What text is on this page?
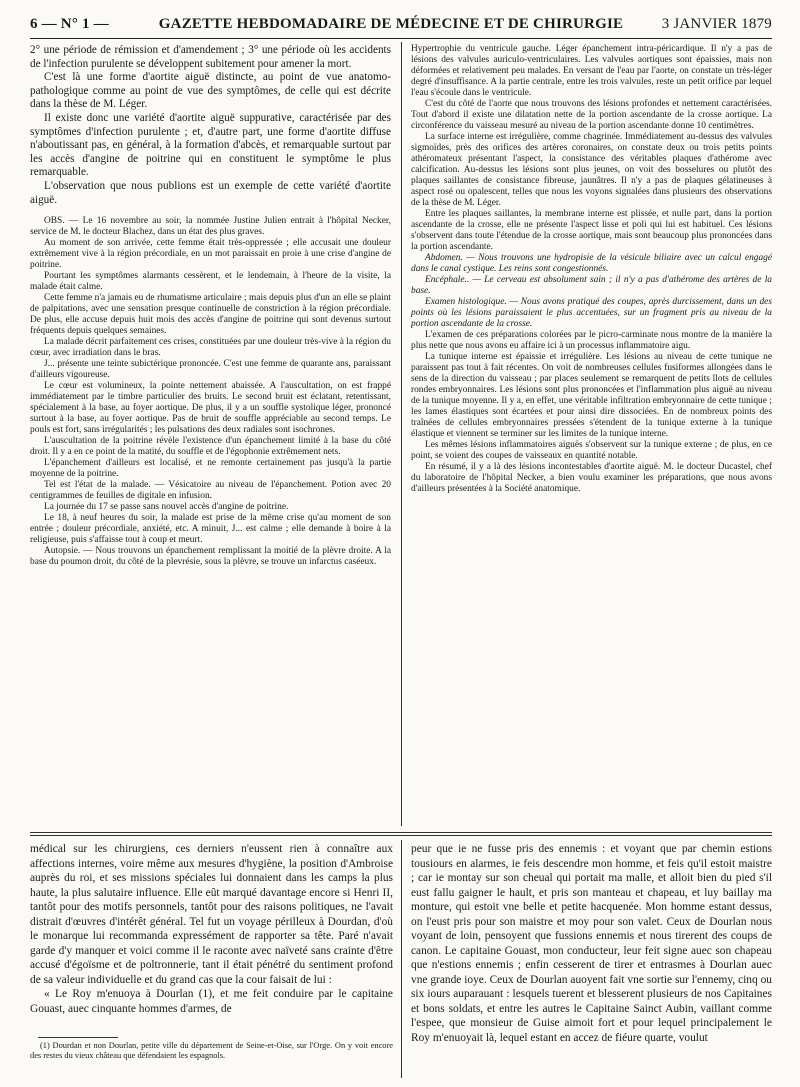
6 — N° 1 —	GAZETTE HEBDOMADAIRE DE MÉDECINE ET DE CHIRURGIE	3 JANVIER 1879

2° une période de rémission et d'amendement ; 3° une période où les accidents de l'infection purulente se développent subitement pour amener la mort.

C'est là une forme d'aortite aiguë distincte, au point de vue anatomo-pathologique comme au point de vue des symptômes, de celle qui est décrite dans la thèse de M. Léger.

Il existe donc une variété d'aortite aiguë suppurative, caractérisée par des symptômes d'infection purulente ; et, d'autre part, une forme d'aortite diffuse n'aboutissant pas, en général, à la formation d'abcès, et remarquable surtout par les accès d'angine de poitrine qui en constituent le symptôme le plus remarquable.

L'observation que nous publions est un exemple de cette variété d'aortite aiguë.

OBS. — Le 16 novembre au soir, la nommée Justine Julien entrait à l'hôpital Necker, service de M. le docteur Blachez, dans un état des plus graves.

Au moment de son arrivée, cette femme était très-oppressée ; elle accusait une douleur extrêmement vive à la région précordiale, en un mot paraissait en proie à une crise d'angine de poitrine.

Pourtant les symptômes alarmants cessèrent, et le lendemain, à l'heure de la visite, la malade était calme.

Cette femme n'a jamais eu de rhumatisme articulaire ; mais depuis plus d'un an elle se plaint de palpitations, avec une sensation presque continuelle de constriction à la région précordiale. De plus, elle accuse depuis huit mois des accès d'angine de poitrine qui sont devenus surtout fréquents depuis quelques semaines.

La malade décrit parfaitement ces crises, constituées par une douleur très-vive à la région du cœur, avec irradiation dans le bras.

J... présente une teinte subictérique prononcée. C'est une femme de quarante ans, paraissant d'ailleurs vigoureuse.

Le cœur est volumineux, la pointe nettement abaissée. A l'auscultation, on est frappé immédiatement par le timbre particulier des bruits. Le second bruit est éclatant, retentissant, spécialement à la base, au foyer aortique. De plus, il y a un souffle systolique léger, prononcé surtout à la base, au foyer aortique. Pas de bruit de souffle appréciable au second temps. Le pouls est fort, sans irrégularités ; les pulsations des deux radiales sont isochrones.

L'auscultation de la poitrine révèle l'existence d'un épanchement limité à la base du côté droit. Il y a en ce point de la matité, du souffle et de l'égophonie extrêmement nets.

L'épanchement d'ailleurs est localisé, et ne remonte certainement pas jusqu'à la partie moyenne de la poitrine.

Tel est l'état de la malade. — Vésicatoire au niveau de l'épanchement. Potion avec 20 centigrammes de feuilles de digitale en infusion.

La journée du 17 se passe sans nouvel accès d'angine de poitrine.

Le 18, à neuf heures du soir, la malade est prise de la même crise qu'au moment de son entrée ; douleur précordiale, anxiété, etc. A minuit, J... est calme ; elle demande à boire à la religieuse, puis s'affaisse tout à coup et meurt.

Autopsie. — Nous trouvons un épanchement remplissant la moitié de la plèvre droite. A la base du poumon droit, du côté de la plevrésie, sous la plèvre, se trouve un infarctus caséeux.

Hypertrophie du ventricule gauche. Léger épanchement intra-péricardique. Il n'y a pas de lésions des valvules auriculo-ventriculaires. Les valvules aortiques sont épaissies, mais non déformées et relativement peu malades. En versant de l'eau par l'aorte, on constate un très-léger degré d'insuffisance. A la partie centrale, entre les trois valvules, reste un petit orifice par lequel l'eau s'écoule dans le ventricule.

C'est du côté de l'aorte que nous trouvons des lésions profondes et nettement caractérisées. Tout d'abord il existe une dilatation nette de la portion ascendante de la crosse aortique. La circonférence du vaisseau mesuré au niveau de la portion ascendante donne 10 centimètres.

La surface interne est irrégulière, comme chagrinée. Immédiatement au-dessus des valvules sigmoïdes, près des orifices des artères coronaires, on constate deux ou trois petits points athéromateux présentant l'aspect, la consistance des véritables plaques d'athérome avec calcification. Au-dessus les lésions sont plus jeunes, on voit des bosselures ou plutôt des plaques saillantes de consistance fibreuse, jaunâtres. Il n'y a pas de plaques gélatineuses à aspect rosé ou opalescent, telles que nous les voyons signalées dans plusieurs des observations de la thèse de M. Léger.

Entre les plaques saillantes, la membrane interne est plissée, et nulle part, dans la portion ascendante de la crosse, elle ne présente l'aspect lisse et poli qui lui est habituel. Ces lésions s'observent dans toute l'étendue de la crosse aortique, mais sont beaucoup plus prononcées dans la portion ascendante.

Abdomen. — Nous trouvons une hydropisie de la vésicule biliaire avec un calcul engagé dans le canal cystique. Les reins sont congestionnés.

Encéphale.. — Le cerveau est absolument sain ; il n'y a pas d'athérome des artères de la base.

Examen histologique. — Nous avons pratiqué des coupes, après durcissement, dans un des points où les lésions paraissaient le plus accentuées, sur un fragment pris au niveau de la portion ascendante de la crosse.

L'examen de ces préparations colorées par le picro-carminate nous montre de la manière la plus nette que nous avons eu affaire ici à un processus inflammatoire aigu.

La tunique interne est épaissie et irrégulière. Les lésions au niveau de cette tunique ne paraissent pas tout à fait récentes. On voit de nombreuses cellules fusiformes allongées dans le sens de la direction du vaisseau ; par places seulement se remarquent de petits îlots de cellules rondes embryonnaires. Les lésions sont plus prononcées et l'inflammation plus aiguë au niveau de la tunique moyenne. Il y a, en effet, une véritable infiltration embryonnaire de cette tunique ; les lames élastiques sont écartées et pour ainsi dire dissociées. En de nombreux points des traînées de cellules embryonnaires pressées s'étendent de la tunique externe à la tunique élastique et viennent se terminer sur les limites de la tunique interne.

Les mêmes lésions inflammatoires aiguës s'observent sur la tunique externe ; de plus, en ce point, se voient des coupes de vaisseaux en quantité notable.

En résumé, il y a là des lésions incontestables d'aortite aiguë. M. le docteur Ducastel, chef du laboratoire de l'hôpital Necker, a bien voulu examiner les préparations, que nous avons d'ailleurs présentées à la Société anatomique.

médical sur les chirurgiens, ces derniers n'eussent rien à connaître aux affections internes, voire même aux mesures d'hygiène, la position d'Ambroise auprès du roi, et ses missions spéciales lui donnaient dans les camps la plus haute, la plus salutaire influence. Elle eût marqué davantage encore si Henri II, tantôt pour des motifs personnels, tantôt pour des raisons politiques, ne l'avait distrait d'œuvres d'intérêt général. Tel fut un voyage périlleux à Dourdan, d'où le monarque lui recommanda expressément de rapporter sa tête. Paré n'avait garde d'y manquer et voici comme il le raconte avec naïveté sans crainte d'être accusé d'égoïsme et de poltronnerie, tant il était pénétré du sentiment profond de sa valeur individuelle et du grand cas que la cour faisait de lui :

« Le Roy m'enuoya à Dourlan (1), et me feit conduire par le capitaine Gouast, auec cinquante hommes d'armes, de

(1) Dourdan et non Dourlan, petite ville du département de Seine-et-Oise, sur l'Orge. On y voit encore des restes du vieux château que défendaient les espagnols.

peur que ie ne fusse pris des ennemis : et voyant que par chemin estions tousiours en alarmes, ie feis descendre mon homme, et feis qu'il estoit maistre ; car ie montay sur son cheual qui portait ma malle, et alloit bien du pied s'il eust fallu gaigner le hault, et pris son manteau et chapeau, et luy baillay ma monture, qui estoit vne belle et petite hacquenée. Mon homme estant dessus, on l'eust pris pour son maistre et moy pour son valet. Ceux de Dourlan nous voyant de loin, pensoyent que fussions ennemis et nous tirerent des coups de canon. Le capitaine Gouast, mon conducteur, leur feit signe auec son chapeau que n'estions ennemis ; enfin cesserent de tirer et entrasmes à Dourlan auec vne grande ioye. Ceux de Dourlan auoyent fait vne sortie sur l'ennemy, cinq ou six iours auparauant : lesquels tuerent et blesserent plusieurs de nos Capitaines et bons soldats, et entre les autres le Capitaine Sainct Aubin, vaillant comme l'espee, que monsieur de Guise aimoit fort et pour lequel principalement le Roy m'enuoyait là, lequel estant en accez de fiéure quarte, voulut
